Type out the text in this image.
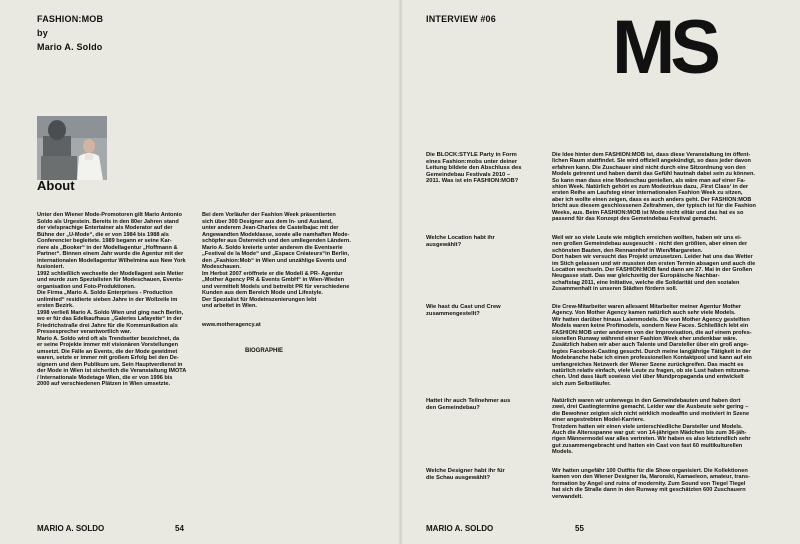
FASHION:MOB
by
Mario A. Soldo
About
Unter den Wiener Mode-Promotoren gilt Mario Antonio
Soldo als Urgestein. Bereits in den 80er Jahren stand
der vielsprachige Entertainer als Moderator auf der
Bühne der „U-Mode“, die er von 1984 bis 1988 als
Conferencier begleitete. 1989 begann er seine Kar-
riere als „Booker“ in der Modellagentur „Hoffmann &
Partner“. Binnen einem Jahr wurde die Agentur mit der
internationalen Modellagentur Wilhelmina aus New York
fusioniert.
1992 schließlich wechselte der Modellagent sein Metier
und wurde zum Spezialisten für Modeschauen, Events-
organisation und Foto-Produktionen.
Die Firma „Mario A. Soldo Enterprises - Production
unlimited“ residierte sieben Jahre in der Wollzeile im
ersten Bezirk.
1998 verließ Mario A. Soldo Wien und ging nach Berlin,
wo er für das Edelkaufhaus „Galeries Lafayette“ in der
Friedrichstraße drei Jahre für die Kommunikation als
Pressesprecher verantwortlich war.
Mario A. Soldo wird oft als Trendsetter bezeichnet, da
er seine Projekte immer mit visionären Vorstellungen
umsetzt. Die Fälle an Events, die der Mode gewidmet
waren, setzte er immer mit großem Erfolg bei den De-
signern und dem Publikum um. Sein Hauptverdienst in
der Mode in Wien ist sicherlich die Veranstaltung IMOTA
/ Internationale Modetage Wien, die er von 1996 bis
2000 auf verschiedenen Plätzen in Wien umsetzte.
Bei dem Vorläufer der Fashion Week präsentierten
sich über 300 Designer aus dem In- und Ausland,
unter anderem Jean-Charles de Castelbajac mit der
Angewandten Modeklasse, sowie alle namhaften Mode-
schöpfer aus Österreich und den umliegenden Ländern.
Mario A. Soldo kreierte unter anderem die Eventserie
„Festival de la Mode“ und „Espace Créateurs“in Berlin,
den „Fashion:Mob“ in Wien und unzählige Events und
Modeschauen.
Im Herbst 2007 eröffnete er die Modell & PR- Agentur
„Mother Agency PR & Events GmbH“ in Wien-Wieden
und vermittelt Models und betreibt PR für verschiedene
Kunden aus dem Bereich Mode und Lifestyle.
Der Spezialist für Modeinszenierungen lebt
und arbeitet in Wien.
www.motheragency.at
BIOGRAPHIE
MARIO A. SOLDO	54
INTERVIEW #06 MS
Die BLOCK:STYLE Party in Form
eines Fashion:mobs unter deiner
Leitung bildete den Abschluss des
Gemeindebau Festivals 2010 –
2011. Was ist ein FASHION:MOB?
Die Idee hinter dem FASHION:MOB ist, dass diese Veranstaltung im öffent-
lichen Raum stattfindet. Sie wird offiziell angekündigt, so dass jeder davon
erfahren kann. Die Zuschauer sind nicht durch eine Sitzordnung von den
Models getrennt und haben damit das Gefühl hautnah dabei sein zu können.
So kann man dass eine Modeschau genießen, als wäre man auf einer Fa-
shion Week. Natürlich gehört es zum Modezirkus dazu, ‚First Class‘ in der
ersten Reihe am Laufsteg einer internationalen Fashion Week zu sitzen,
aber ich wollte einen zeigen, dass es auch anders geht. Der FASHION:MOB
bricht aus diesem geschlossenen Zeltrahmen, der typisch ist für die Fashion
Weeks, aus. Beim FASHION:MOB ist Mode nicht elitär und das hat es so
passend für das Konzept des Gemeindebau Festival gemacht.
Welche Location habt ihr
ausgewählt?
Weil wir so viele Leute wie möglich erreichen wollten, haben wir uns ei-
nen großen Gemeindebau ausgesucht - nicht den größten, aber einen der
schönsten Bauten, den Rennannhof in Wien/Margareten.
Dort haben wir versucht das Projekt umzusetzen. Leider hat uns das Wetter
im Stich gelassen und wir mussten den ersten Termin absagen und auch die
Location wechseln. Der FASHION:MOB fand dann am 27. Mai in der Großen
Neugasse statt. Das war gleichzeitig der Europäische Nachbar-
schaftstag 2011, eine Initiative, welche die Solidarität und den sozialen
Zusammenhalt in unseren Städten fördern soll.
Wie hast du Cast und Crew
zusammengestellt?
Die Crew-Mitarbeiter waren allesamt Mitarbeiter meiner Agentur Mother
Agency. Von Mother Agency kamen natürlich auch sehr viele Models.
Wir hatten darüber hinaus Laienmodels. Die von Mother Agency gestellten
Models waren keine Profimodels, sondern New Faces. Schließlich lebt ein
FASHION:MOB unter anderem von der Improvisation, die auf einem profes-
sionellen Runway während einer Fashion Week eher undenkbar wäre.
Zusätzlich haben wir aber auch Talente und Darsteller über ein groß ange-
legtes Facebook-Casting gesucht. Durch meine langjährige Tätigkeit in der
Modebranche habe ich einen professionellen Kontaktpool und kann auf ein
umfangreiches Netzwerk der Wiener Szene zurückgreifen. Das macht es
natürlich relativ einfach, viele Leute zu fragen, ob sie Lust haben mitzuma-
chen. Und dass läuft sowieso viel über Mundpropaganda und entwickelt
sich zum Selbstläufer.
Hattet ihr auch Teilnehmer aus
den Gemeindebau?
Natürlich waren wir unterwegs in den Gemeindebauten und haben dort
zwei, drei Castingtermine gemacht. Leider war die Ausbeute sehr gering –
die Bewohner zeigten sich nicht wirklich modeaffin und motiviert in Szene
einer angestrebten Model-Karriere.
Trotzdem hatten wir einen viele unterschiedliche Darsteller und Models.
Auch die Altersspanne war gut: von 14-jährigen Mädchen bis zum 36-jäh-
rigen Männermodel war alles vertreten. Wir haben es also letztendlich sehr
gut zusammengebracht und hatten ein Cast von fast 60 multikulturellen
Models.
Welche Designer habt ihr für
die Schau ausgewählt?
Wir hatten ungefähr 100 Outfits für die Show organisiert. Die Kollektionen
kamen von den Wiener Designer ila, Maronski, Kamaeleon, amateur, trans-
formation by Angel und ruins of modernity. Zum Sound von Tiegel Tiegel
hat sich die Straße dann in den Runway mit geschätzten 600 Zuschauern
verwandelt.
MARIO A. SOLDO	55
